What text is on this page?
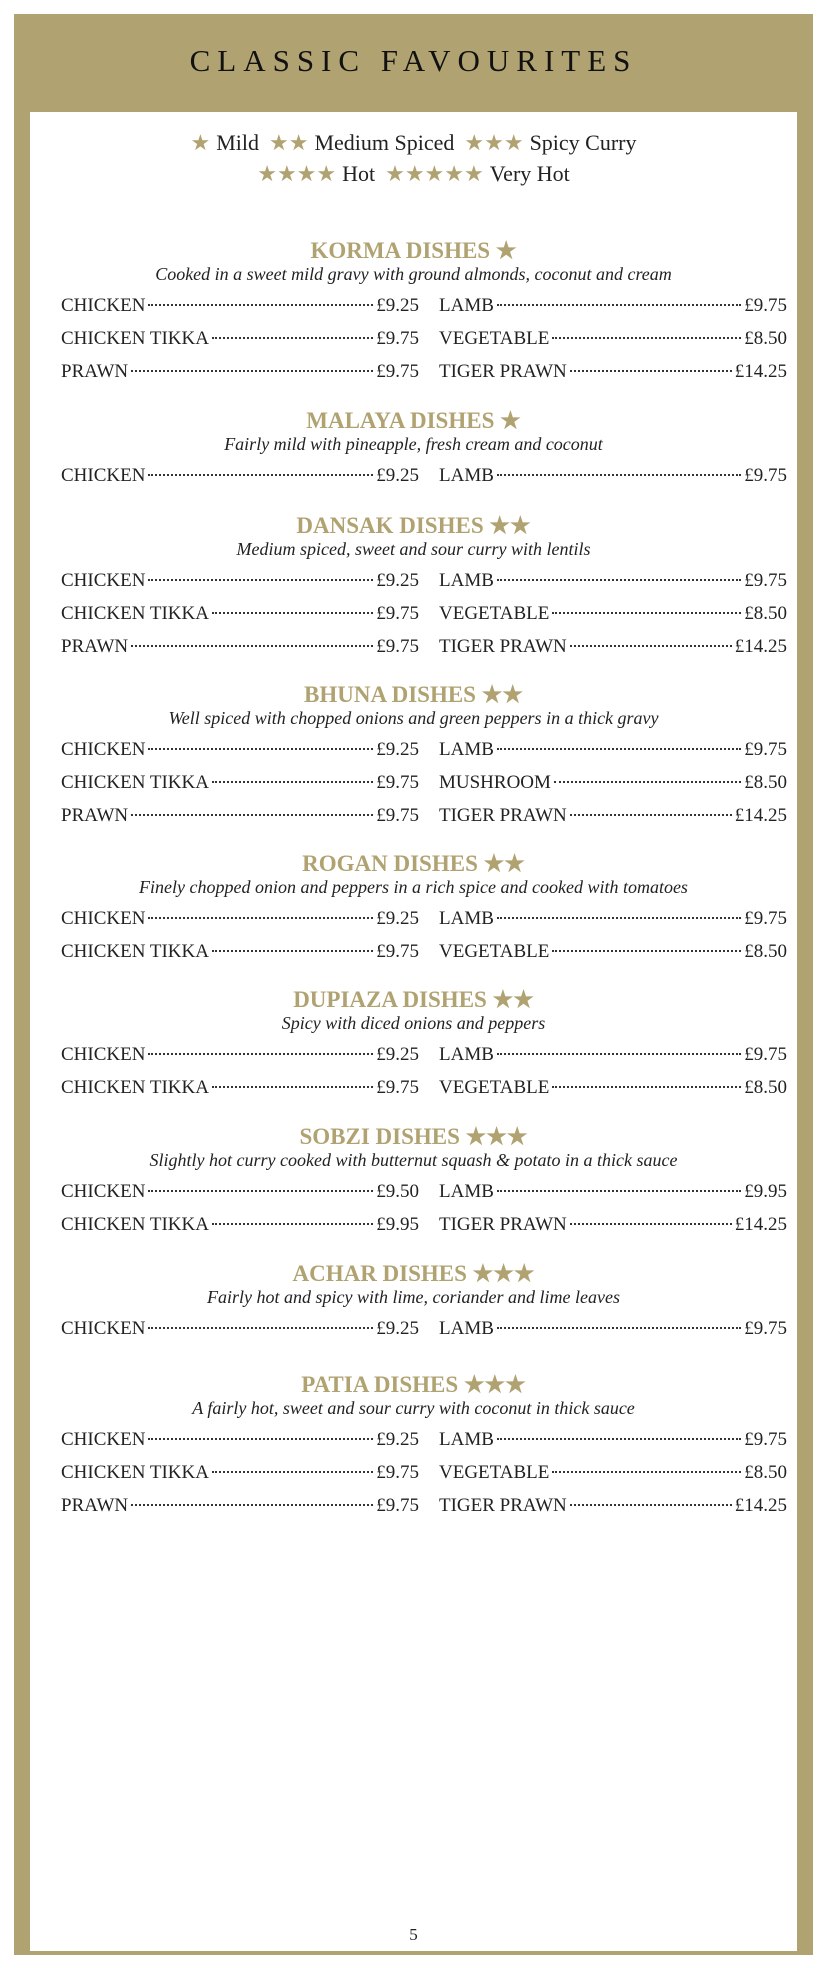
CLASSIC FAVOURITES
★ Mild ★★ Medium Spiced ★★★ Spicy Curry
★★★★ Hot ★★★★★ Very Hot
KORMA DISHES ★
Cooked in a sweet mild gravy with ground almonds, coconut and cream
CHICKEN	£9.25 LAMB	£9.75
CHICKEN TIKKA	£9.75 VEGETABLE	£8.50
PRAWN	£9.75 TIGER PRAWN	£14.25
MALAYA DISHES ★
Fairly mild with pineapple, fresh cream and coconut
CHICKEN	£9.25 LAMB	£9.75
DANSAK DISHES ★★
Medium spiced, sweet and sour curry with lentils
CHICKEN	£9.25 LAMB	£9.75
CHICKEN TIKKA	£9.75 VEGETABLE	£8.50
PRAWN	£9.75 TIGER PRAWN	£14.25
BHUNA DISHES ★★
Well spiced with chopped onions and green peppers in a thick gravy
CHICKEN	£9.25 LAMB	£9.75
CHICKEN TIKKA	£9.75 MUSHROOM	£8.50
PRAWN	£9.75 TIGER PRAWN	£14.25
ROGAN DISHES ★★
Finely chopped onion and peppers in a rich spice and cooked with tomatoes
CHICKEN	£9.25 LAMB	£9.75
CHICKEN TIKKA	£9.75 VEGETABLE	£8.50
DUPIAZA DISHES ★★
Spicy with diced onions and peppers
CHICKEN	£9.25 LAMB	£9.75
CHICKEN TIKKA	£9.75 VEGETABLE	£8.50
SOBZI DISHES ★★★
Slightly hot curry cooked with butternut squash & potato in a thick sauce
CHICKEN	£9.50 LAMB	£9.95
CHICKEN TIKKA	£9.95 TIGER PRAWN	£14.25
ACHAR DISHES ★★★
Fairly hot and spicy with lime, coriander and lime leaves
CHICKEN	£9.25 LAMB	£9.75
PATIA DISHES ★★★
A fairly hot, sweet and sour curry with coconut in thick sauce
CHICKEN	£9.25 LAMB	£9.75
CHICKEN TIKKA	£9.75 VEGETABLE	£8.50
PRAWN	£9.75 TIGER PRAWN	£14.25
5
